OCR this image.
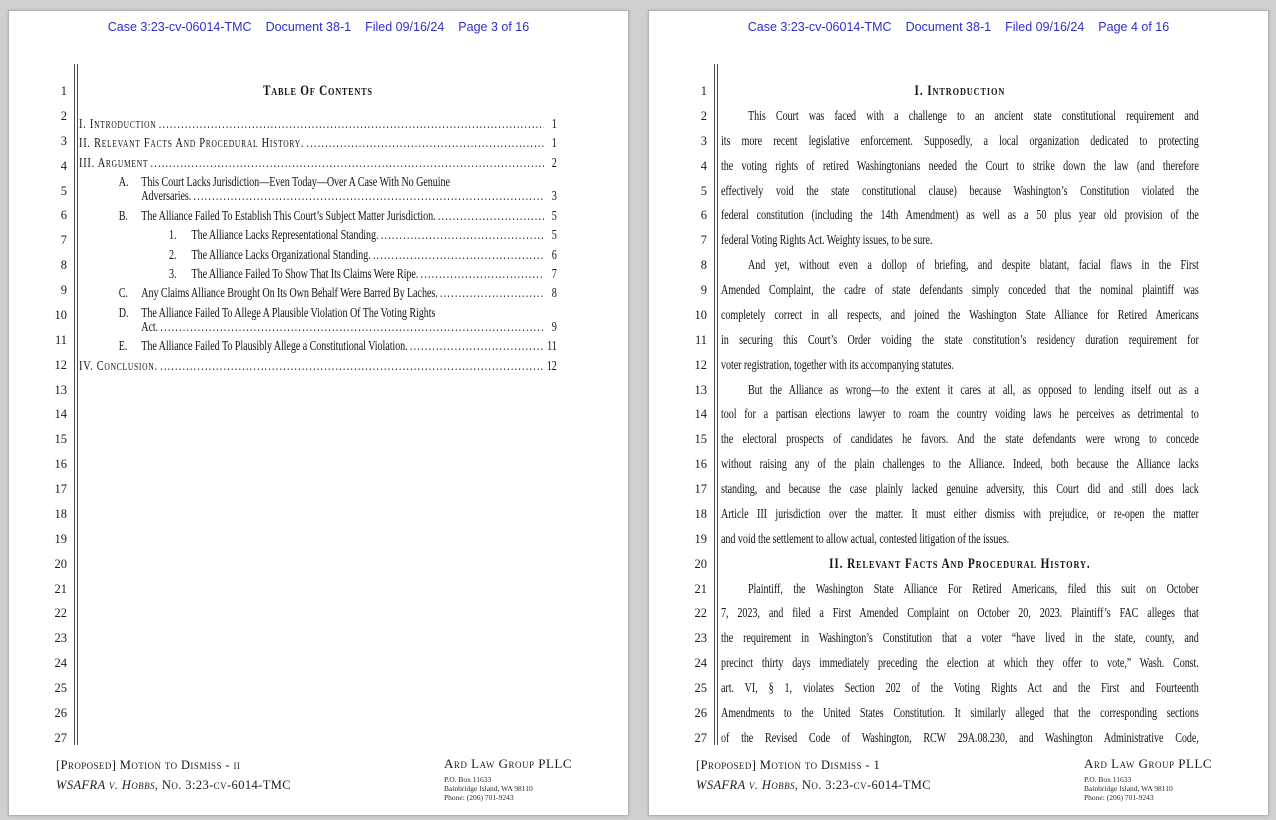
Case 3:23-cv-06014-TMC Document 38-1 Filed 09/16/24 Page 3 of 16
1
2
3
4
5
6
7
8
9
10
11
12
13
14
15
16
17
18
19
20
21
22
23
24
25
26
27
Table Of Contents
I. Introduction .....	1
II. Relevant Facts And Procedural History. .....	1
III. Argument .....	2
A. This Court Lacks Jurisdiction—Even Today—Over A Case With No Genuine
Adversaries. .....	3
B. The Alliance Failed To Establish This Court’s Subject Matter Jurisdiction. .....	5
1.	The Alliance Lacks Representational Standing. .....	5
2.	The Alliance Lacks Organizational Standing. .....	6
3.	The Alliance Failed To Show That Its Claims Were Ripe. .....	7
C. Any Claims Alliance Brought On Its Own Behalf Were Barred By Laches. .....	8
D. The Alliance Failed To Allege A Plausible Violation Of The Voting Rights
Act. .....	9
E.	The Alliance Failed To Plausibly Allege a Constitutional Violation. .....	11
IV. Conclusion. .....	12
[Proposed] Motion to Dismiss - ii
WSAFRA v. Hobbs, No. 3:23-cv-6014-TMC
Ard Law Group PLLC
P.O. Box 11633
Bainbridge Island, WA 98110
Phone: (206) 701-9243
Case 3:23-cv-06014-TMC Document 38-1 Filed 09/16/24 Page 4 of 16
1
2
3
4
5
6
7
8
9
10
11
12
13
14
15
16
17
18
19
20
21
22
23
24
25
26
27
I. Introduction
This Court was faced with a challenge to an ancient state constitutional requirement and
its more recent legislative enforcement. Supposedly, a local organization dedicated to protecting
the voting rights of retired Washingtonians needed the Court to strike down the law (and therefore
effectively void the state constitutional clause) because Washington’s Constitution violated the
federal constitution (including the 14th Amendment) as well as a 50 plus year old provision of the
federal Voting Rights Act. Weighty issues, to be sure.
And yet, without even a dollop of briefing, and despite blatant, facial flaws in the First
Amended Complaint, the cadre of state defendants simply conceded that the nominal plaintiff was
completely correct in all respects, and joined the Washington State Alliance for Retired Americans
in securing this Court’s Order voiding the state constitution’s residency duration requirement for
voter registration, together with its accompanying statutes.
But the Alliance as wrong—to the extent it cares at all, as opposed to lending itself out as a
tool for a partisan elections lawyer to roam the country voiding laws he perceives as detrimental to
the electoral prospects of candidates he favors. And the state defendants were wrong to concede
without raising any of the plain challenges to the Alliance. Indeed, both because the Alliance lacks
standing, and because the case plainly lacked genuine adversity, this Court did and still does lack
Article III jurisdiction over the matter. It must either dismiss with prejudice, or re-open the matter
and void the settlement to allow actual, contested litigation of the issues.
II. Relevant Facts And Procedural History.
Plaintiff, the Washington State Alliance For Retired Americans, filed this suit on October
7, 2023, and filed a First Amended Complaint on October 20, 2023. Plaintiff’s FAC alleges that
the requirement in Washington’s Constitution that a voter “have lived in the state, county, and
precinct thirty days immediately preceding the election at which they offer to vote,” Wash. Const.
art. VI, § 1, violates Section 202 of the Voting Rights Act and the First and Fourteenth
Amendments to the United States Constitution. It similarly alleged that the corresponding sections
of the Revised Code of Washington, RCW 29A.08.230, and Washington Administrative Code,
[Proposed] Motion to Dismiss - 1
WSAFRA v. Hobbs, No. 3:23-cv-6014-TMC
Ard Law Group PLLC
P.O. Box 11633
Bainbridge Island, WA 98110
Phone: (206) 701-9243
